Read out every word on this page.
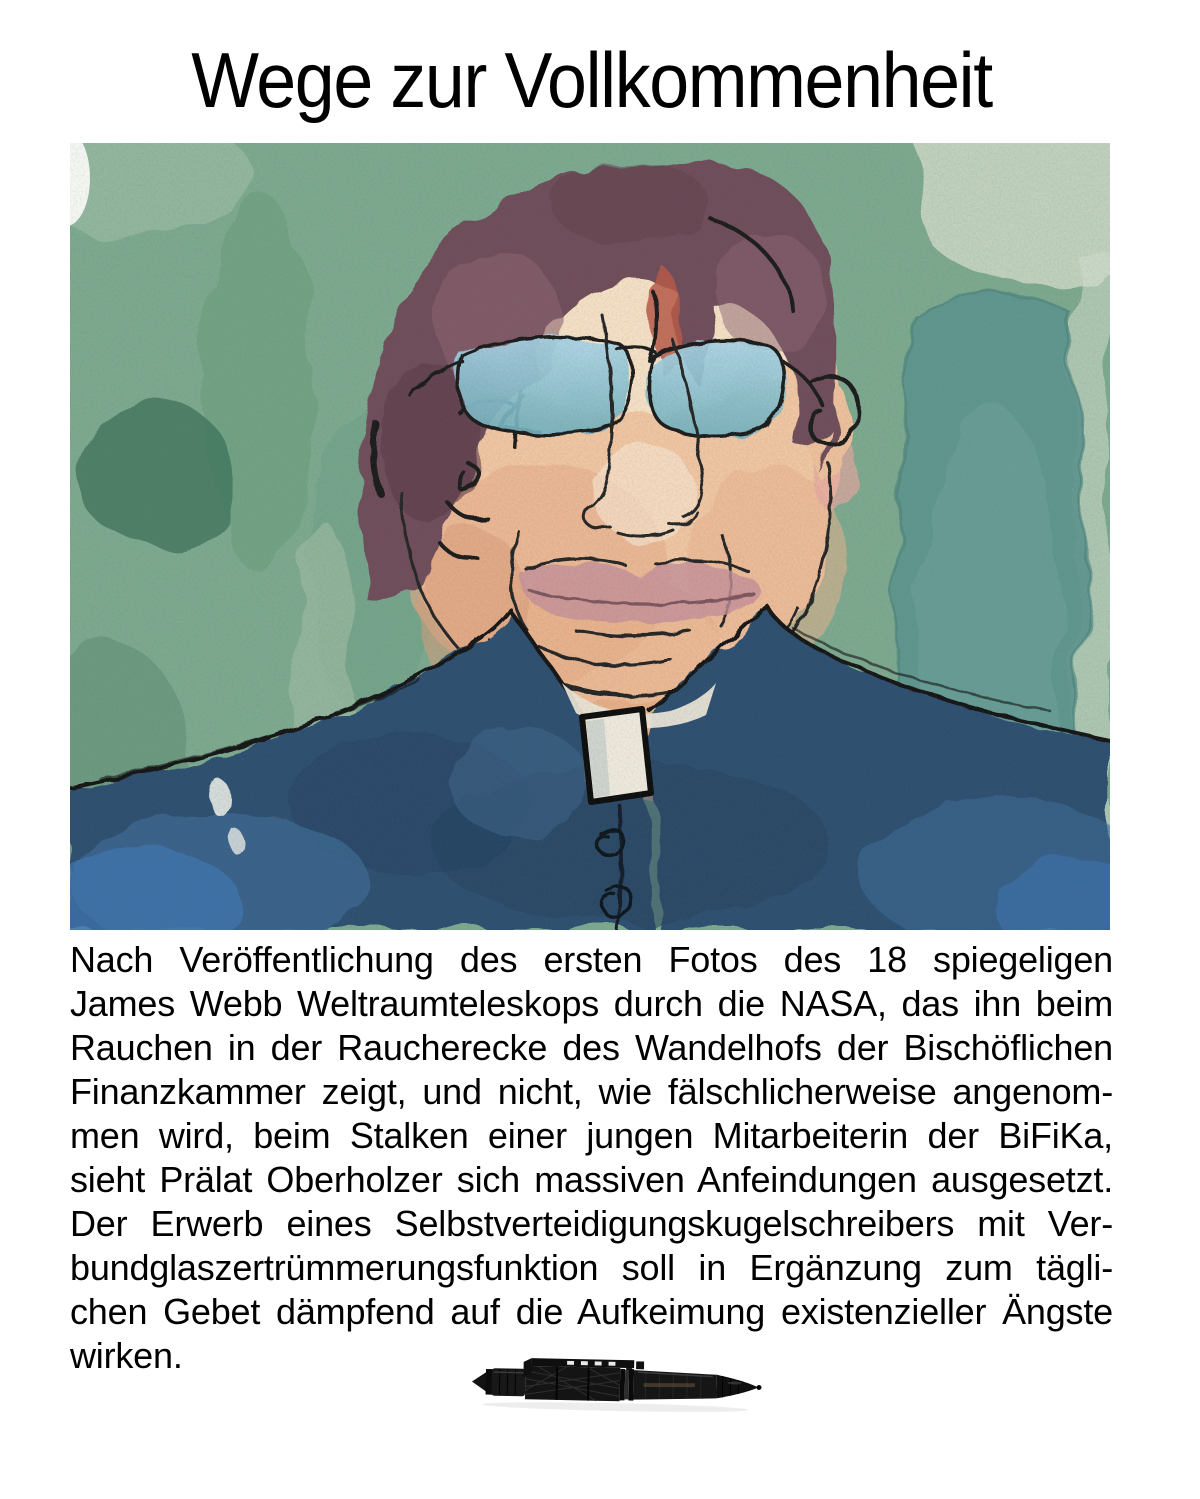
Wege zur Vollkommenheit
Nach Veröffentlichung des ersten Fotos des 18 spiegeligen
James Webb Weltraumteleskops durch die NASA, das ihn beim
Rauchen in der Raucherecke des Wandelhofs der Bischöflichen
Finanzkammer zeigt, und nicht, wie fälschlicherweise angenom-
men wird, beim Stalken einer jungen Mitarbeiterin der BiFiKa,
sieht Prälat Oberholzer sich massiven Anfeindungen ausgesetzt.
Der Erwerb eines Selbstverteidigungskugelschreibers mit Ver-
bundglaszertrümmerungsfunktion soll in Ergänzung zum tägli-
chen Gebet dämpfend auf die Aufkeimung existenzieller Ängste
wirken.
